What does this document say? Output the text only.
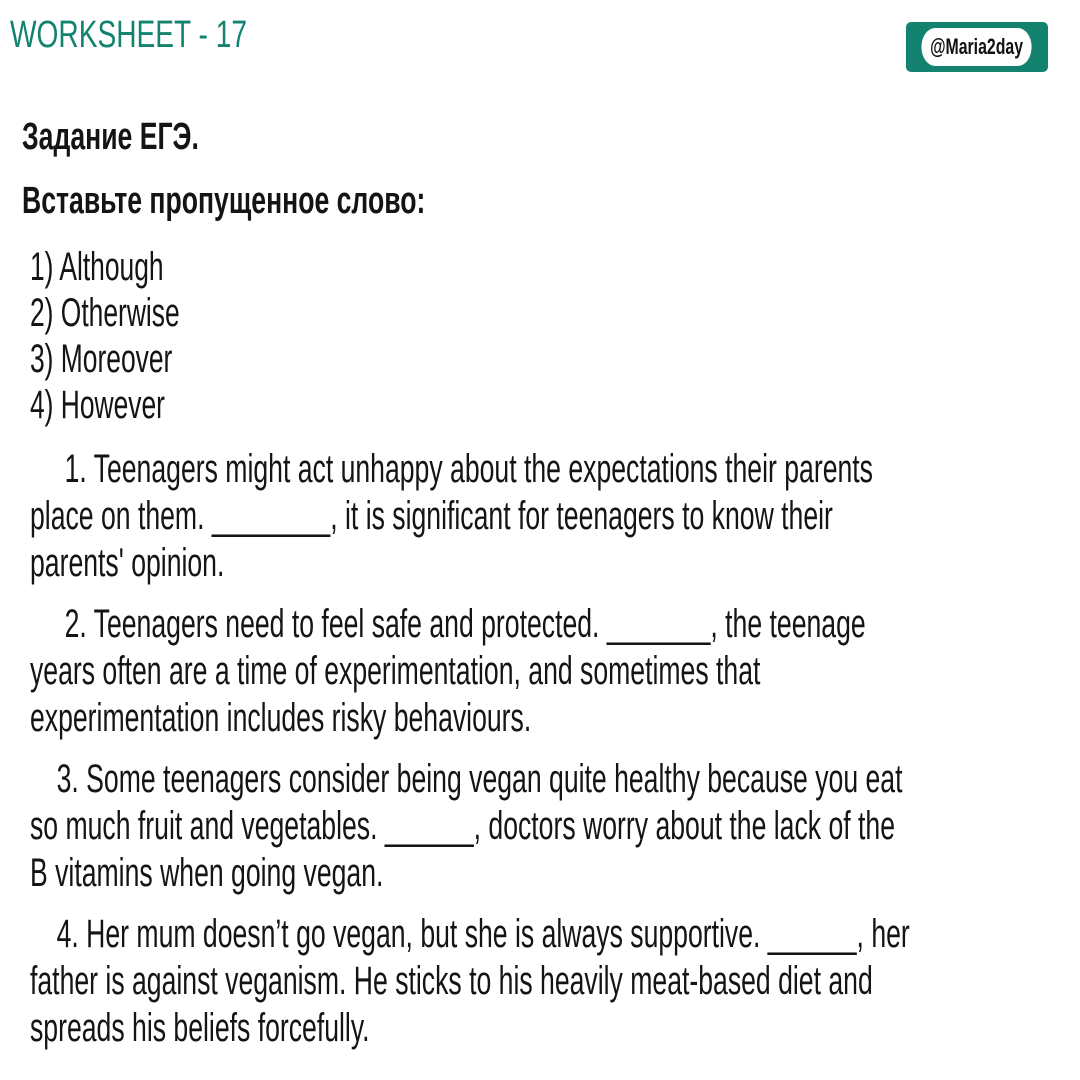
WORKSHEET - 17	@Maria2day
Задание ЕГЭ.
Вставьте пропущенное слово:
1) Although
2) Otherwise
3) Moreover
4) However
1. Teenagers might act unhappy about the expectations their parents
place on them. ________, it is significant for teenagers to know their
parents' opinion.
2. Teenagers need to feel safe and protected. _______, the teenage
years often are a time of experimentation, and sometimes that
experimentation includes risky behaviours.
3. Some teenagers consider being vegan quite healthy because you eat
so much fruit and vegetables. ______, doctors worry about the lack of the
B vitamins when going vegan.
4. Her mum doesn’t go vegan, but she is always supportive. ______, her
father is against veganism. He sticks to his heavily meat-based diet and
spreads his beliefs forcefully.
